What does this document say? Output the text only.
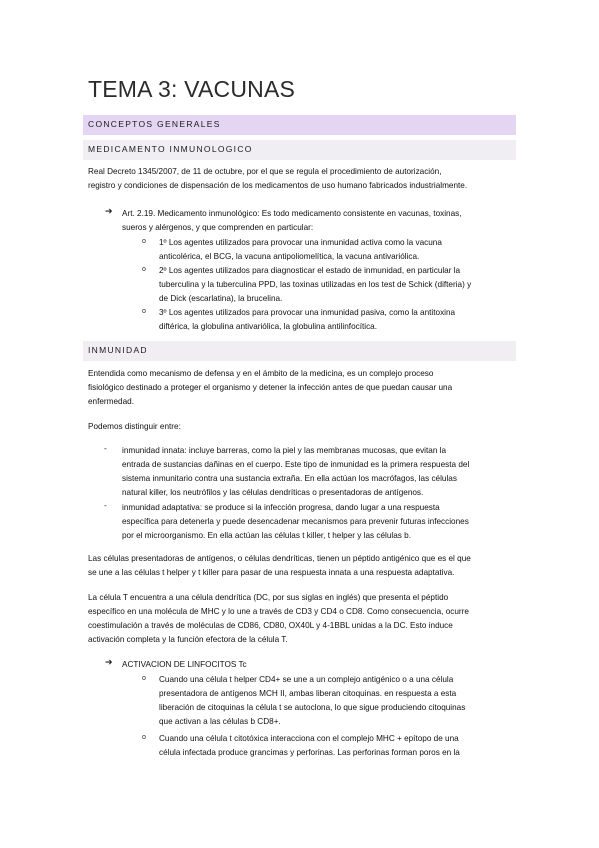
TEMA 3: VACUNAS
CONCEPTOS GENERALES
MEDICAMENTO INMUNOLOGICO

Real Decreto 1345/2007, de 11 de octubre, por el que se regula el procedimiento de autorización,

registro y condiciones de dispensación de los medicamentos de uso humano fabricados industrialmente.

➔ Art. 2.19. Medicamento inmunológico: Es todo medicamento consistente en vacunas, toxinas,

sueros y alérgenos, y que comprenden en particular:

o 1º Los agentes utilizados para provocar una inmunidad activa como la vacuna

anticolérica, el BCG, la vacuna antipoliomelítica, la vacuna antivariólica.

o 2º Los agentes utilizados para diagnosticar el estado de inmunidad, en particular la

tuberculina y la tuberculina PPD, las toxinas utilizadas en los test de Schick (difteria) y

de Dick (escarlatina), la brucelina.

o 3º Los agentes utilizados para provocar una inmunidad pasiva, como la antitoxina

diftérica, la globulina antivariólica, la globulina antilinfocítica.

INMUNIDAD

Entendida como mecanismo de defensa y en el ámbito de la medicina, es un complejo proceso

fisiológico destinado a proteger el organismo y detener la infección antes de que puedan causar una

enfermedad.

Podemos distinguir entre:

- inmunidad innata: incluye barreras, como la piel y las membranas mucosas, que evitan la

entrada de sustancias dañinas en el cuerpo. Este tipo de inmunidad es la primera respuesta del

sistema inmunitario contra una sustancia extraña. En ella actúan los macrófagos, las células

natural killer, los neutrófilos y las células dendríticas o presentadoras de antígenos.

- inmunidad adaptativa: se produce si la infección progresa, dando lugar a una respuesta

específica para detenerla y puede desencadenar mecanismos para prevenir futuras infecciones

por el microorganismo. En ella actúan las células t killer, t helper y las células b.

Las células presentadoras de antígenos, o células dendríticas, tienen un péptido antigénico que es el que

se une a las células t helper y t killer para pasar de una respuesta innata a una respuesta adaptativa.

La célula T encuentra a una célula dendrítica (DC, por sus siglas en inglés) que presenta el péptido

específico en una molécula de MHC y lo une a través de CD3 y CD4 o CD8. Como consecuencia, ocurre

coestimulación a través de moléculas de CD86, CD80, OX40L y 4-1BBL unidas a la DC. Esto induce

activación completa y la función efectora de la célula T.

➔ ACTIVACION DE LINFOCITOS Tc

o Cuando una célula t helper CD4+ se une a un complejo antigénico o a una célula

presentadora de antígenos MCH II, ambas liberan citoquinas. en respuesta a esta

liberación de citoquinas la célula t se autoclona, lo que sigue produciendo citoquinas

que activan a las células b CD8+.

o Cuando una célula t citotóxica interacciona con el complejo MHC + epítopo de una

célula infectada produce grancimas y perforinas. Las perforinas forman poros en la
